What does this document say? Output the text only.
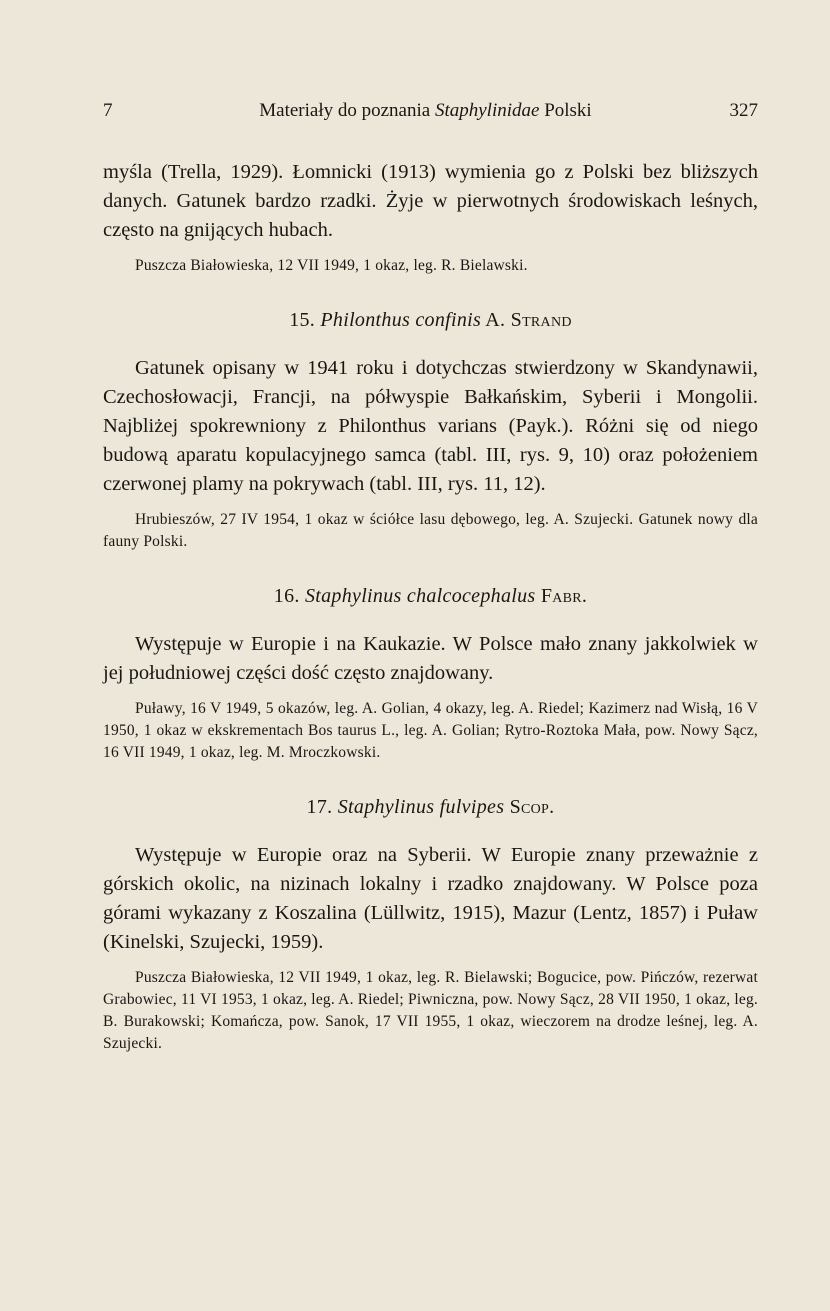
7	Materiały do poznania Staphylinidae Polski	327

myśla (Trella, 1929). Łomnicki (1913) wymienia go z Polski bez bliższych danych. Gatunek bardzo rzadki. Żyje w pierwotnych środowiskach leśnych, często na gnijących hubach.

Puszcza Białowieska, 12 VII 1949, 1 okaz, leg. R. Bielawski.

15. Philonthus confinis A. Strand

Gatunek opisany w 1941 roku i dotychczas stwierdzony w Skandynawii, Czechosłowacji, Francji, na półwyspie Bałkańskim, Syberii i Mongolii. Najbliżej spokrewniony z Philonthus varians (Payk.). Różni się od niego budową aparatu kopulacyjnego samca (tabl. III, rys. 9, 10) oraz położeniem czerwonej plamy na pokrywach (tabl. III, rys. 11, 12).

Hrubieszów, 27 IV 1954, 1 okaz w ściółce lasu dębowego, leg. A. Szujecki. Gatunek nowy dla fauny Polski.

16. Staphylinus chalcocephalus Fabr.

Występuje w Europie i na Kaukazie. W Polsce mało znany jakkolwiek w jej południowej części dość często znajdowany.

Puławy, 16 V 1949, 5 okazów, leg. A. Golian, 4 okazy, leg. A. Riedel; Kazimerz nad Wisłą, 16 V 1950, 1 okaz w ekskrementach Bos taurus L., leg. A. Golian; Rytro-Roztoka Mała, pow. Nowy Sącz, 16 VII 1949, 1 okaz, leg. M. Mroczkowski.

17. Staphylinus fulvipes Scop.

Występuje w Europie oraz na Syberii. W Europie znany przeważnie z górskich okolic, na nizinach lokalny i rzadko znajdowany. W Polsce poza górami wykazany z Koszalina (Lüllwitz, 1915), Mazur (Lentz, 1857) i Puław (Kinelski, Szujecki, 1959).

Puszcza Białowieska, 12 VII 1949, 1 okaz, leg. R. Bielawski; Bogucice, pow. Pińczów, rezerwat Grabowiec, 11 VI 1953, 1 okaz, leg. A. Riedel; Piwniczna, pow. Nowy Sącz, 28 VII 1950, 1 okaz, leg. B. Burakowski; Komańcza, pow. Sanok, 17 VII 1955, 1 okaz, wieczorem na drodze leśnej, leg. A. Szujecki.
